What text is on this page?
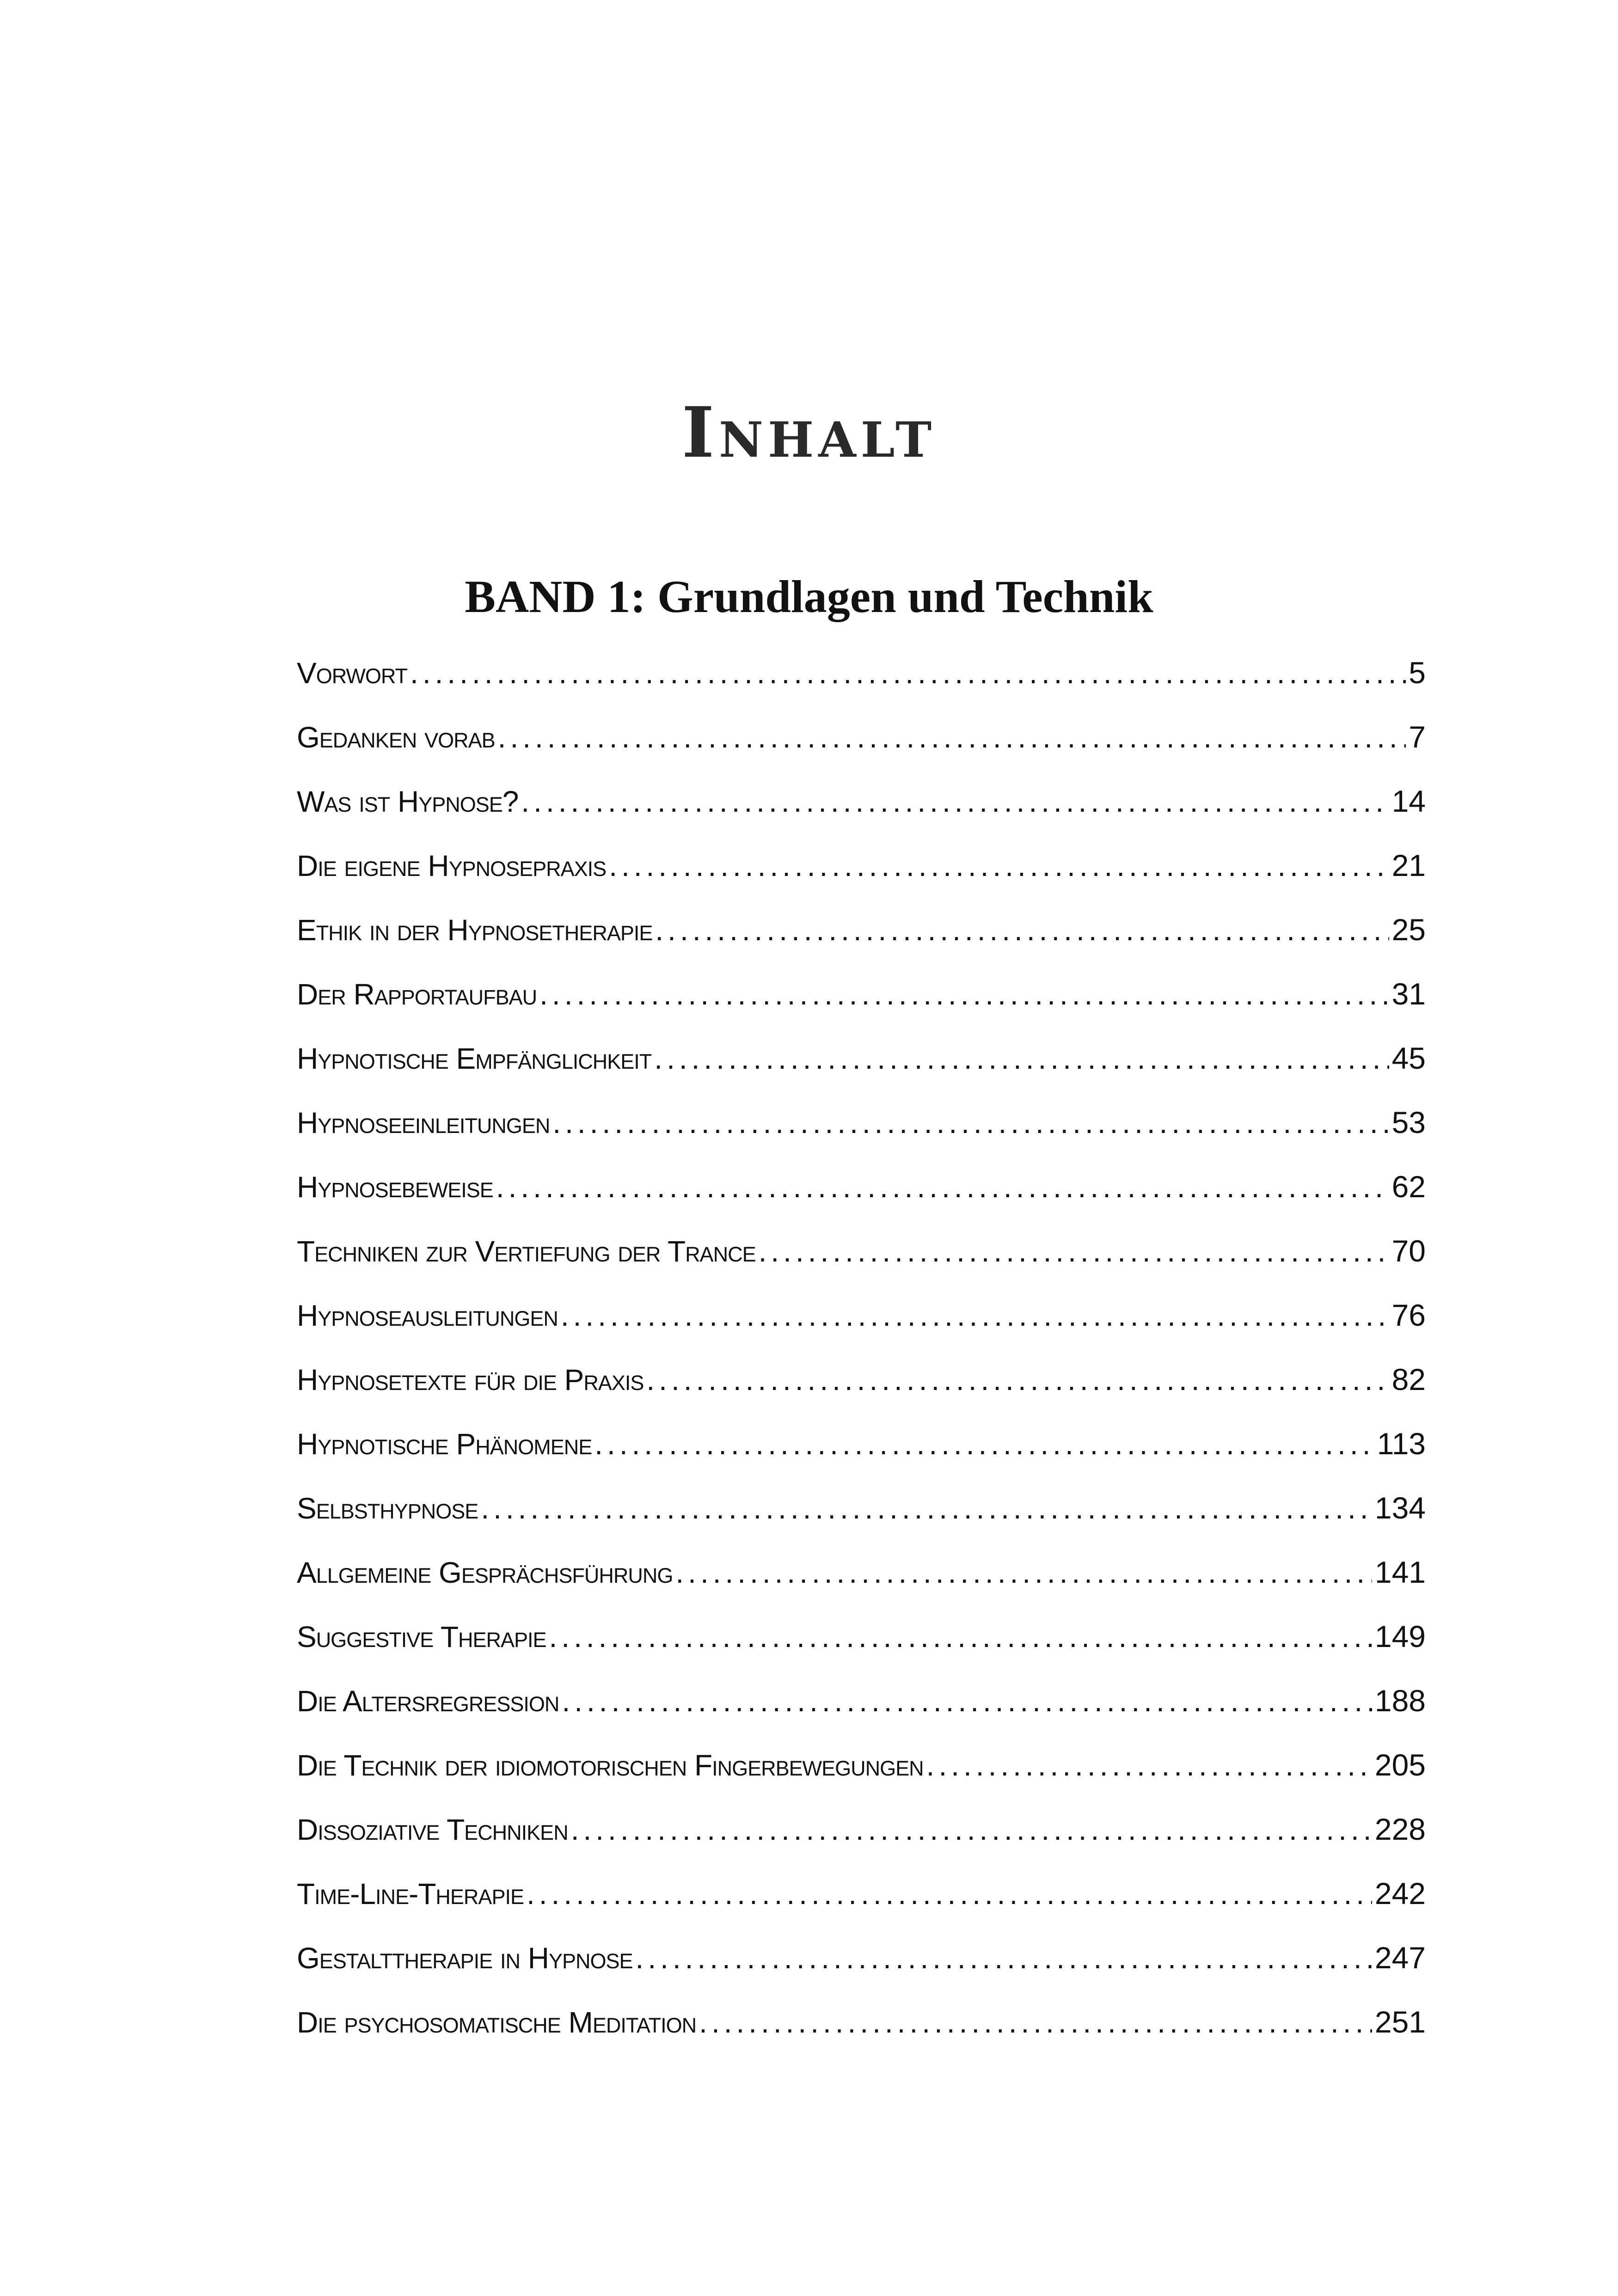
Inhalt
BAND 1: Grundlagen und Technik
Vorwort .....	5
Gedanken vorab .....	7
Was ist Hypnose? .....	14
Die eigene Hypnosepraxis .....	21
Ethik in der Hypnosetherapie .....	25
Der Rapportaufbau .....	31
Hypnotische Empfänglichkeit .....	45
Hypnoseeinleitungen .....	53
Hypnosebeweise .....	62
Techniken zur Vertiefung der Trance .....	70
Hypnoseausleitungen .....	76
Hypnosetexte für die Praxis .....	82
Hypnotische Phänomene .....	113
Selbsthypnose .....	134
Allgemeine Gesprächsführung .....	141
Suggestive Therapie .....	149
Die Altersregression .....	188
Die Technik der idiomotorischen Fingerbewegungen .....	205
Dissoziative Techniken .....	228
Time-Line-Therapie .....	242
Gestalttherapie in Hypnose .....	247
Die psychosomatische Meditation .....	251
